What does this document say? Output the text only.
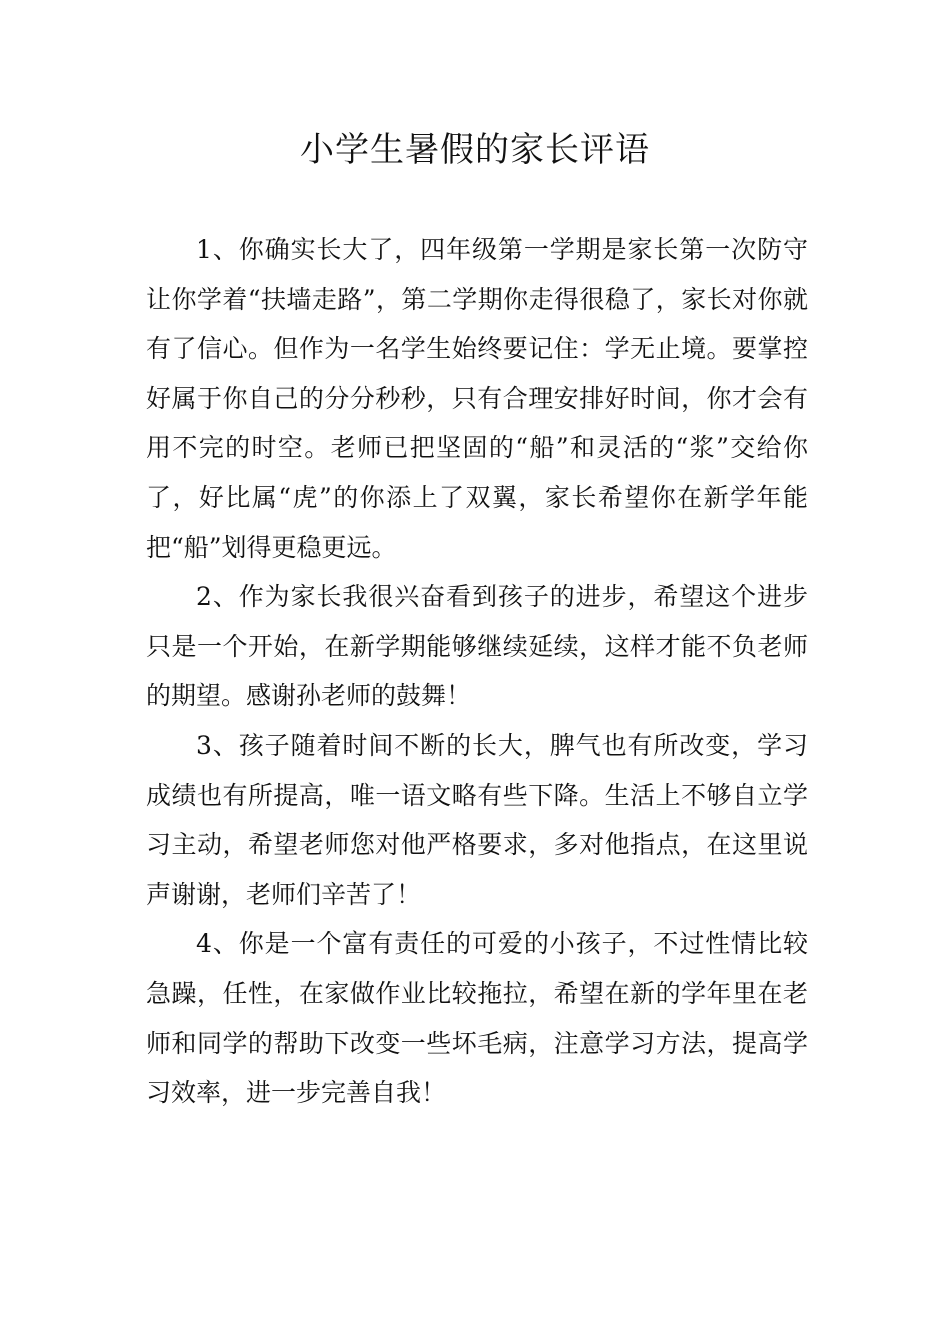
小学生暑假的家长评语

1、你确实长大了，四年级第一学期是家长第一次防守让你学着“扶墙走路”，第二学期你走得很稳了，家长对你就有了信心。但作为一名学生始终要记住：学无止境。要掌控好属于你自己的分分秒秒，只有合理安排好时间，你才会有用不完的时空。老师已把坚固的“船”和灵活的“浆”交给你了，好比属“虎”的你添上了双翼，家长希望你在新学年能把“船”划得更稳更远。

2、作为家长我很兴奋看到孩子的进步，希望这个进步只是一个开始，在新学期能够继续延续，这样才能不负老师的期望。感谢孙老师的鼓舞！

3、孩子随着时间不断的长大，脾气也有所改变，学习成绩也有所提高，唯一语文略有些下降。生活上不够自立学习主动，希望老师您对他严格要求，多对他指点，在这里说声谢谢，老师们辛苦了！

4、你是一个富有责任的可爱的小孩子，不过性情比较急躁，任性，在家做作业比较拖拉，希望在新的学年里在老师和同学的帮助下改变一些坏毛病，注意学习方法，提高学习效率，进一步完善自我！
